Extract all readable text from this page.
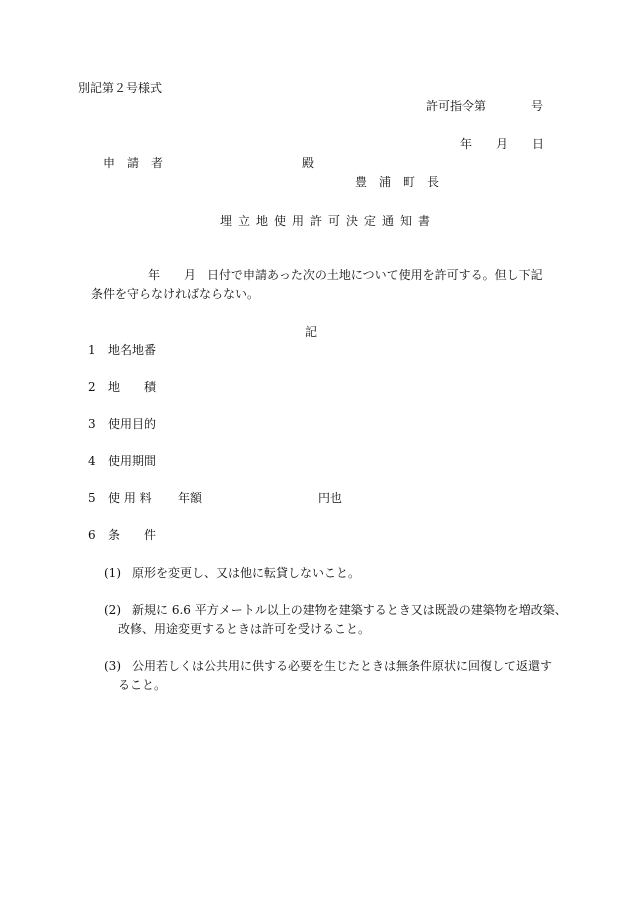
別記第２号様式
許可指令第	号
年 月 日
申　請　者	殿
豊　浦　町　長
埋立地使用許可決定通知書
年 月 日付で申請あった次の土地について使用を許可する。但し下記
条件を守らなければならない。
記
1 地名地番
2 地　　積
3 使用目的
4 使用期間
5 使 用 料 年額	円也
6 条　　件
(1) 原形を変更し、又は他に転貸しないこと。
(2) 新規に 6.6 平方メートル以上の建物を建築するとき又は既設の建築物を増改築、
改修、用途変更するときは許可を受けること。
(3) 公用若しくは公共用に供する必要を生じたときは無条件原状に回復して返還す
ること。
